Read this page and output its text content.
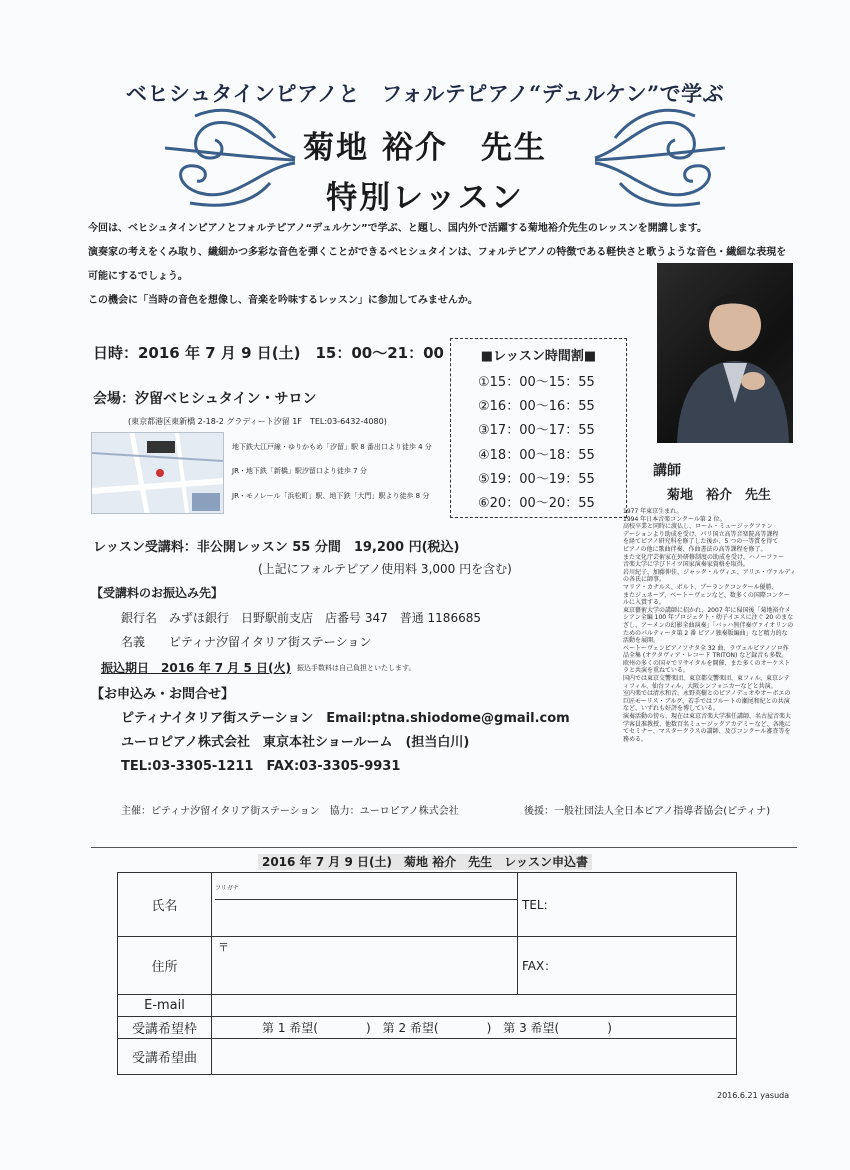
ベヒシュタインピアノと　フォルテピアノ“デュルケン”で学ぶ
菊地 裕介　先生
特別レッスン
今回は、ベヒシュタインピアノとフォルテピアノ“デュルケン”で学ぶ、と題し、国内外で活躍する菊地裕介先生のレッスンを開講します。
演奏家の考えをくみ取り、繊細かつ多彩な音色を弾くことができるベヒシュタインは、フォルテピアノの特徴である軽快さと歌うような音色・繊細な表現を
可能にするでしょう。
この機会に「当時の音色を想像し、音楽を吟味するレッスン」に参加してみませんか。
日時：2016 年 7 月 9 日(土)　15：00～21：00
会場：汐留ベヒシュタイン・サロン
(東京都港区東新橋 2-18-2 グラディート汐留 1F　TEL:03-6432-4080)
地下鉄大江戸線・ゆりかもめ「汐留」駅 8 番出口より徒歩 4 分
JR・地下鉄「新橋」駅汐留口より徒歩 7 分
JR・モノレール「浜松町」駅、地下鉄「大門」駅より徒歩 8 分
■レッスン時間割■
①15：00～15：55
②16：00～16：55
③17：00～17：55
④18：00～18：55
⑤19：00～19：55
⑥20：00～20：55
講師
菊地　裕介　先生
1977 年東京生まれ。
1994 年日本音楽コンクール第 2 位。
高校卒業と同時に渡仏し、ローム・ミュージックファン
デーションより助成を受け、パリ国立高等音楽院高等課程
を経てピアノ研究科を修了した後か、5 つの一等賞を得て
ピアノの他に歌曲伴奏、作曲書法の高等課程を修了。
また文化庁芸術家在外研修制度の助成を受け、ハノーファー
音楽大学に学びドイツ国家演奏家資格を取得。
岩川紀子、加藤伸佳、ジャック・ルヴィエ、アリエ・ヴァルディ
の各氏に師事。
マリア・カナルス、ボルト、ブーランクコンクール優勝、
またジュネーブ、ベートーヴェンなど、数多くの国際コンクー
ルに入賞する。
東京藝術大学の講師に招かれ、2007 年に帰国後「菊地裕介メ
シアン全編 100 年プロジェクト・幼子イエスに注ぐ 20 のまな
ざし、アーメンの幻影全曲演奏」「バッハ無伴奏ヴァイオリンの
ためのパルティータ第 2 番 ピアノ独奏版編曲」など精力的な
活動を展開。
ベートーヴェンピアノソナタ全 32 曲、ラヴェルピアノソロ作
品全集 (オクタヴィア・レコード TRITON) など録音も多数。
欧州の多くの国々でリサイタルを開催、また多くのオーケスト
ラと共演を重ねている。
国内では東京交響楽団、東京都交響楽団、東フィル、東京シテ
ィフィル、仙台フィル、大阪シンフォニカーなどと共演。
室内楽では清水和音、永野英樹とのピアノデュオやオーボエの
巨匠モーリス・ブルグ、若手ではフルートの瀬尾和紀との共演
など、いずれも好評を博している。
演奏活動の傍ら、現在は東京音楽大学准任講師、名古屋音楽大
学客員准教授、他数百名ミュージックアカデミーなど、各地に
てセミナー、マスタークラスの講師、及びコンクール審査等を
務める。
レッスン受講料：非公開レッスン 55 分間　19,200 円(税込)
(上記にフォルテピアノ使用料 3,000 円を含む)
【受講料のお振込み先】
銀行名　みずほ銀行　日野駅前支店　店番号 347　普通 1186685
名義　　ピティナ汐留イタリア街ステーション
振込期日　2016 年 7 月 5 日(火) 振込手数料は自己負担といたします。
【お申込み・お問合せ】
ピティナイタリア街ステーション　Email:ptna.shiodome@gmail.com
ユーロピアノ株式会社　東京本社ショールーム　(担当白川)
TEL:03-3305-1211　FAX:03-3305-9931
主催：ピティナ汐留イタリア街ステーション　協力：ユーロピアノ株式会社	後援：一般社団法人全日本ピアノ指導者協会(ピティナ)
2016 年 7 月 9 日(土)　菊地 裕介　先生　レッスン申込書
氏名	フリガナ	TEL:
住所	〒	FAX：
E-mail		
受講希望枠	第 1 希望(　　　　)　第 2 希望(　　　　)　第 3 希望(　　　　)	
受講希望曲		
2016.6.21 yasuda
